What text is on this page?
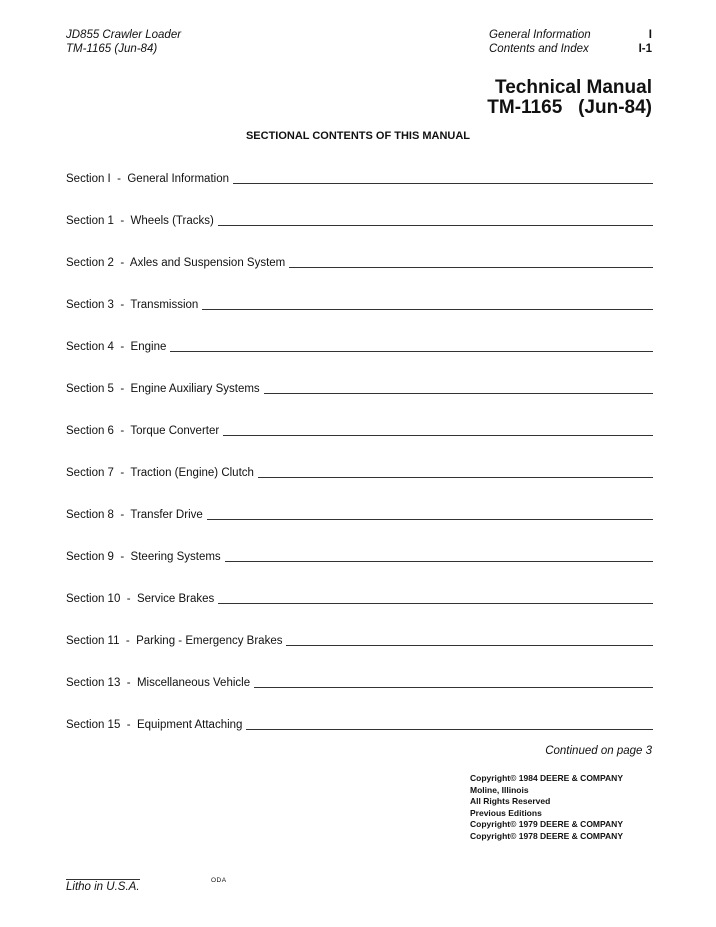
JD855 Crawler Loader
TM-1165 (Jun-84)
General Information
Contents and Index
I
I-1
Technical Manual
TM-1165   (Jun-84)
SECTIONAL CONTENTS OF THIS MANUAL
Section I  -  General Information
Section 1  -  Wheels (Tracks)
Section 2  -  Axles and Suspension System
Section 3  -  Transmission
Section 4  -  Engine
Section 5  -  Engine Auxiliary Systems
Section 6  -  Torque Converter
Section 7  -  Traction (Engine) Clutch
Section 8  -  Transfer Drive
Section 9  -  Steering Systems
Section 10  -  Service Brakes
Section 11  -  Parking - Emergency Brakes
Section 13  -  Miscellaneous Vehicle
Section 15  -  Equipment Attaching
Continued on page 3
Copyright© 1984 DEERE & COMPANY
Moline, Illinois
All Rights Reserved
Previous Editions
Copyright© 1979 DEERE & COMPANY
Copyright© 1978 DEERE & COMPANY
Litho in U.S.A.
ODA
